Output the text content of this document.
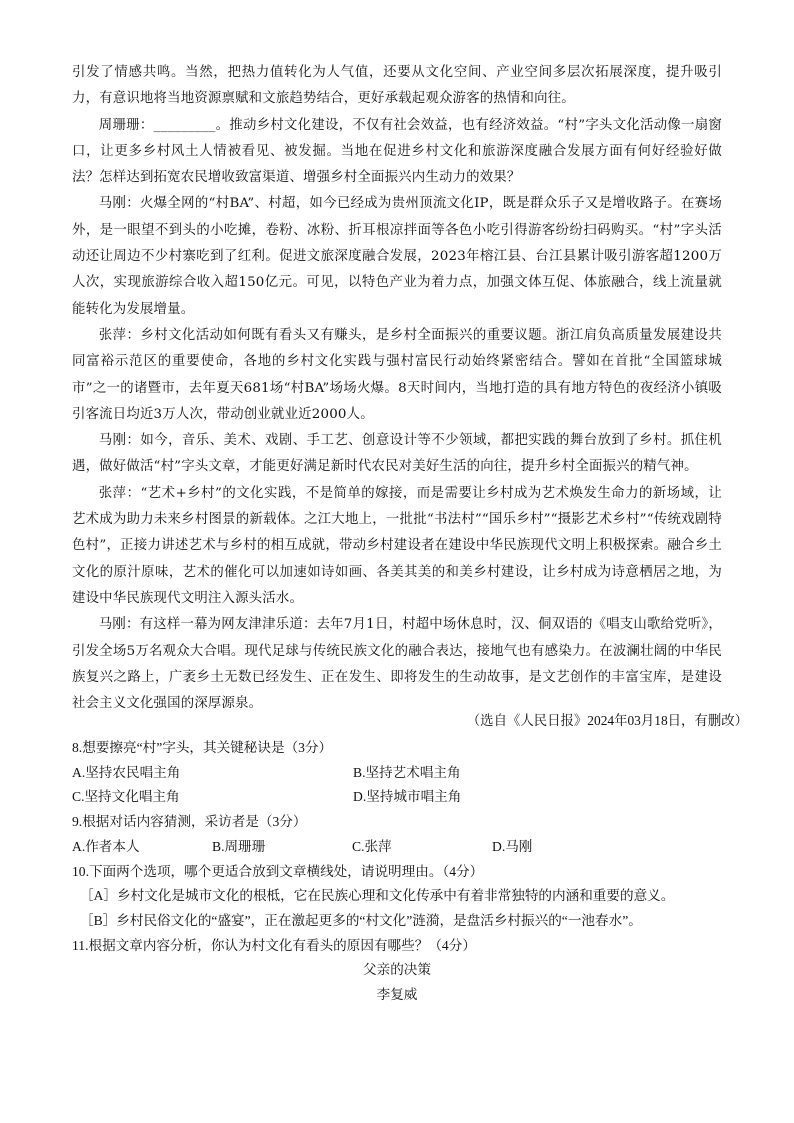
引发了情感共鸣。当然，把热力值转化为人气值，还要从文化空间、产业空间多层次拓展深度，提升吸引力，有意识地将当地资源禀赋和文旅趋势结合，更好承载起观众游客的热情和向往。

周珊珊：_________。推动乡村文化建设，不仅有社会效益，也有经济效益。“村”字头文化活动像一扇窗口，让更多乡村风土人情被看见、被发掘。当地在促进乡村文化和旅游深度融合发展方面有何好经验好做法？怎样达到拓宽农民增收致富渠道、增强乡村全面振兴内生动力的效果？

马刚：火爆全网的“村BA”、村超，如今已经成为贵州顶流文化IP，既是群众乐子又是增收路子。在赛场外，是一眼望不到头的小吃摊，卷粉、冰粉、折耳根凉拌面等各色小吃引得游客纷纷扫码购买。“村”字头活动还让周边不少村寨吃到了红利。促进文旅深度融合发展，2023年榕江县、台江县累计吸引游客超1200万人次，实现旅游综合收入超150亿元。可见，以特色产业为着力点，加强文体互促、体旅融合，线上流量就能转化为发展增量。

张萍：乡村文化活动如何既有看头又有赚头，是乡村全面振兴的重要议题。浙江肩负高质量发展建设共同富裕示范区的重要使命，各地的乡村文化实践与强村富民行动始终紧密结合。譬如在首批“全国篮球城市”之一的诸暨市，去年夏天681场“村BA”场场火爆。8天时间内，当地打造的具有地方特色的夜经济小镇吸引客流日均近3万人次，带动创业就业近2000人。

马刚：如今，音乐、美术、戏剧、手工艺、创意设计等不少领域，都把实践的舞台放到了乡村。抓住机遇，做好做活“村”字头文章，才能更好满足新时代农民对美好生活的向往，提升乡村全面振兴的精气神。

张萍：“艺术+乡村”的文化实践，不是简单的嫁接，而是需要让乡村成为艺术焕发生命力的新场域，让艺术成为助力未来乡村图景的新载体。之江大地上，一批批“书法村”“国乐乡村”“摄影艺术乡村”“传统戏剧特色村”，正接力讲述艺术与乡村的相互成就，带动乡村建设者在建设中华民族现代文明上积极探索。融合乡土文化的原汁原味，艺术的催化可以加速如诗如画、各美其美的和美乡村建设，让乡村成为诗意栖居之地，为建设中华民族现代文明注入源头活水。

马刚：有这样一幕为网友津津乐道：去年7月1日，村超中场休息时，汉、侗双语的《唱支山歌给党听》，引发全场5万名观众大合唱。现代足球与传统民族文化的融合表达，接地气也有感染力。在波澜壮阔的中华民族复兴之路上，广袤乡土无数已经发生、正在发生、即将发生的生动故事，是文艺创作的丰富宝库，是建设社会主义文化强国的深厚源泉。

（选自《人民日报》2024年03月18日，有删改）

8.想要擦亮“村”字头，其关键秘诀是（3分）

A.坚持农民唱主角	B.坚持艺术唱主角
C.坚持文化唱主角	D.坚持城市唱主角

9.根据对话内容猜测，采访者是（3分）

A.作者本人	B.周珊珊	C.张萍	D.马刚

10.下面两个选项，哪个更适合放到文章横线处，请说明理由。（4分）

［A］乡村文化是城市文化的根柢，它在民族心理和文化传承中有着非常独特的内涵和重要的意义。

［B］乡村民俗文化的“盛宴”，正在激起更多的“村文化”涟漪，是盘活乡村振兴的“一池春水”。

11.根据文章内容分析，你认为村文化有看头的原因有哪些？（4分）

父亲的决策

李复威
